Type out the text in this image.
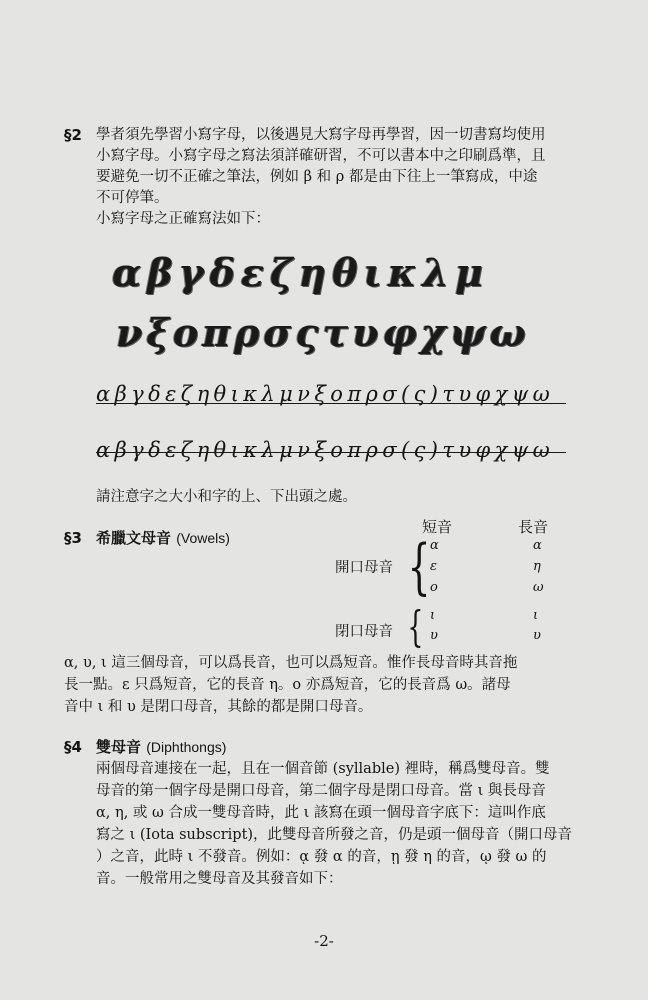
§2 學者須先學習小寫字母，以後遇見大寫字母再學習，因一切書寫均使用

小寫字母。小寫字母之寫法須詳確研習，不可以書本中之印刷爲準，且

要避免一切不正確之筆法，例如 β 和 ρ 都是由下往上一筆寫成，中途

不可停筆。

小寫字母之正確寫法如下：

αβγδεζηθικλμ
νξοπρσςτυφχψω
αβγδεζηθικλμνξοπρσ(ς)τυφχψω
αβγδεζηθικλμνξοπρσ(ς)τυφχψω

請注意字之大小和字的上、下出頭之處。

§3 希臘文母音 (Vowels)
短音	長音
開口母音 { α	α
ε	η
ο	ω
閉口母音 { ι	ι
υ	υ

α, υ, ι 這三個母音，可以爲長音，也可以爲短音。惟作長母音時其音拖

長一點。ε 只爲短音，它的長音 η。ο 亦爲短音，它的長音爲 ω。諸母

音中 ι 和 υ 是閉口母音，其餘的都是開口母音。

§4 雙母音 (Diphthongs)

兩個母音連接在一起，且在一個音節 (syllable) 裡時，稱爲雙母音。雙

母音的第一個字母是開口母音，第二個字母是閉口母音。當 ι 與長母音

α, η, 或 ω 合成一雙母音時，此 ι 該寫在頭一個母音字底下：這叫作底

寫之 ι (Iota subscript)，此雙母音所發之音，仍是頭一個母音（開口母音

）之音，此時 ι 不發音。例如：ᾳ 發 α 的音，ῃ 發 η 的音，ῳ 發 ω 的

音。一般常用之雙母音及其發音如下：

-2-
